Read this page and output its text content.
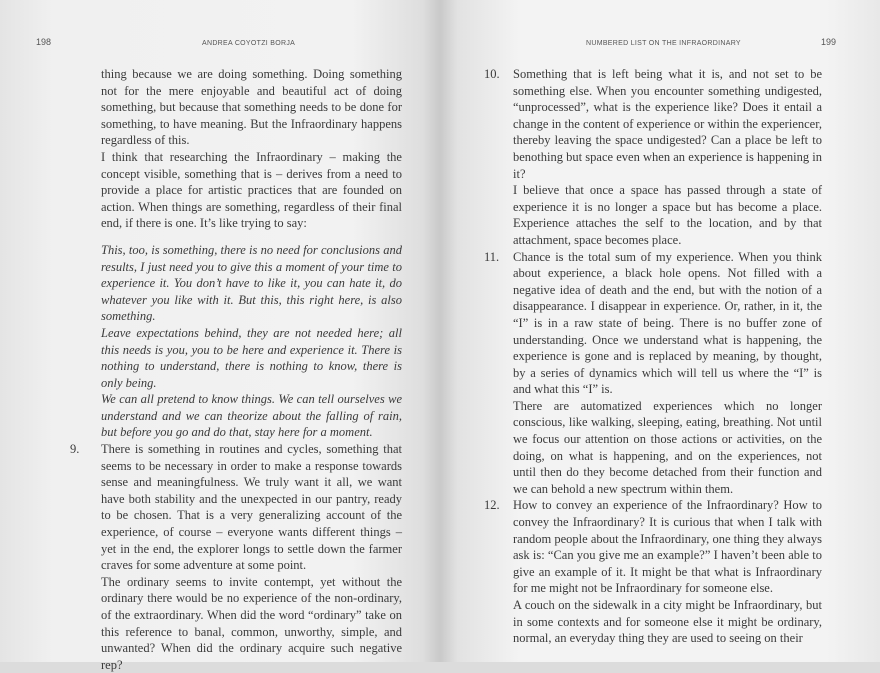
198	ANDREA COYOTZI BORJA

thing because we are doing something. Doing something not for the mere enjoyable and beautiful act of doing something, but because that something needs to be done for something, to have meaning. But the Infraordinary happens regardless of this.

I think that researching the Infraordinary – making the concept visible, something that is – derives from a need to provide a place for artistic practices that are founded on action. When things are something, regardless of their final end, if there is one. It’s like trying to say:

This, too, is something, there is no need for conclusions and results, I just need you to give this a moment of your time to experience it. You don’t have to like it, you can hate it, do whatever you like with it. But this, this right here, is also something.

Leave expectations behind, they are not needed here; all this needs is you, you to be here and experience it. There is nothing to understand, there is nothing to know, there is only being.

We can all pretend to know things. We can tell ourselves we understand and we can theorize about the falling of rain, but before you go and do that, stay here for a moment.

9. There is something in routines and cycles, something that seems to be necessary in order to make a response towards sense and meaningfulness. We truly want it all, we want have both stability and the unexpected in our pantry, ready to be chosen. That is a very generalizing account of the experience, of course – everyone wants different things – yet in the end, the explorer longs to settle down the farmer craves for some adventure at some point.

The ordinary seems to invite contempt, yet without the ordinary there would be no experience of the non-ordinary, of the extraordinary. When did the word “ordinary” take on this reference to banal, common, unworthy, simple, and unwanted? When did the ordinary acquire such negative rep?

NUMBERED LIST ON THE INFRAORDINARY	199
10. Something that is left being what it is, and not set to be something else. When you encounter something undigested, “unprocessed”, what is the experience like? Does it entail a change in the content of experience or within the experiencer, thereby leaving the space undigested? Can a place be left to benothing but space even when an experience is happening in it?

I believe that once a space has passed through a state of experience it is no longer a space but has become a place. Experience attaches the self to the location, and by that attachment, space becomes place.

11. Chance is the total sum of my experience. When you think about experience, a black hole opens. Not filled with a negative idea of death and the end, but with the notion of a disappearance. I disappear in experience. Or, rather, in it, the “I” is in a raw state of being. There is no buffer zone of understanding. Once we understand what is happening, the experience is gone and is replaced by meaning, by thought, by a series of dynamics which will tell us where the “I” is and what this “I” is.

There are automatized experiences which no longer conscious, like walking, sleeping, eating, breathing. Not until we focus our attention on those actions or activities, on the doing, on what is happening, and on the experiences, not until then do they become detached from their function and we can behold a new spectrum within them.

12. How to convey an experience of the Infraordinary? How to convey the Infraordinary? It is curious that when I talk with random people about the Infraordinary, one thing they always ask is: “Can you give me an example?” I haven’t been able to give an example of it. It might be that what is Infraordinary for me might not be Infraordinary for someone else.

A couch on the sidewalk in a city might be Infraordinary, but in some contexts and for someone else it might be ordinary, normal, an everyday thing they are used to seeing on their
